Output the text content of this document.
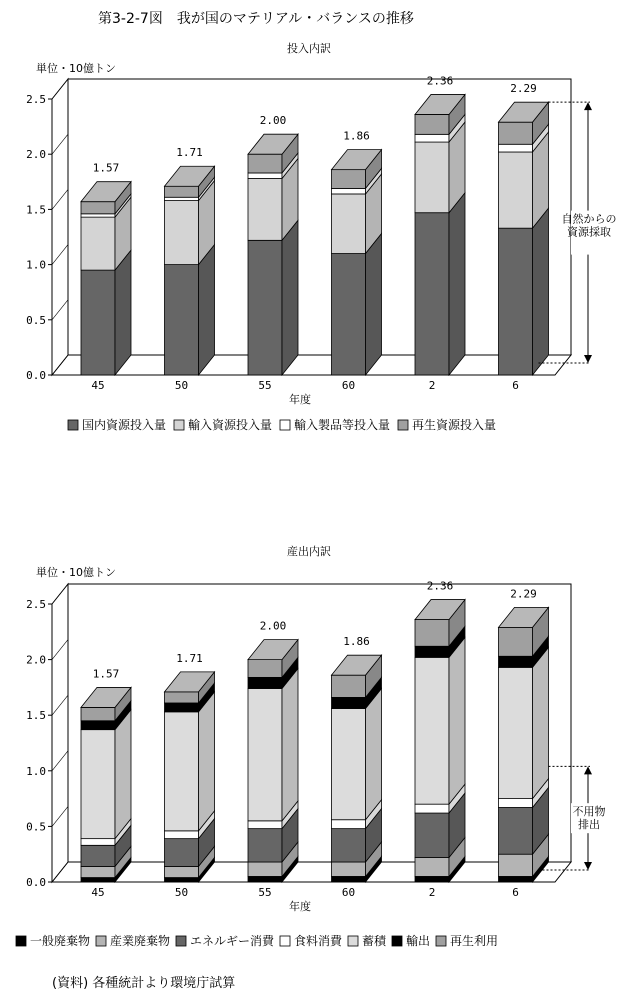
第3-2-7図　我が国のマテリアル・バランスの推移
投入内訳
単位・10億トン
0.0
0.5
1.0
1.5
2.0
2.5
1.57
45
1.71
50
2.00
55
1.86
60
2.36
2
2.29
6
年度
自然からの資源採取
国内資源投入量 輸入資源投入量 輸入製品等投入量 再生資源投入量
産出内訳
単位・10億トン
0.0
0.5
1.0
1.5
2.0
2.5
1.57
45
1.71
50
2.00
55
1.86
60
2.36
2
2.29
6
年度
不用物排出
一般廃棄物 産業廃棄物 エネルギー消費 食料消費 蓄積 輸出 再生利用
(資料) 各種統計より環境庁試算
